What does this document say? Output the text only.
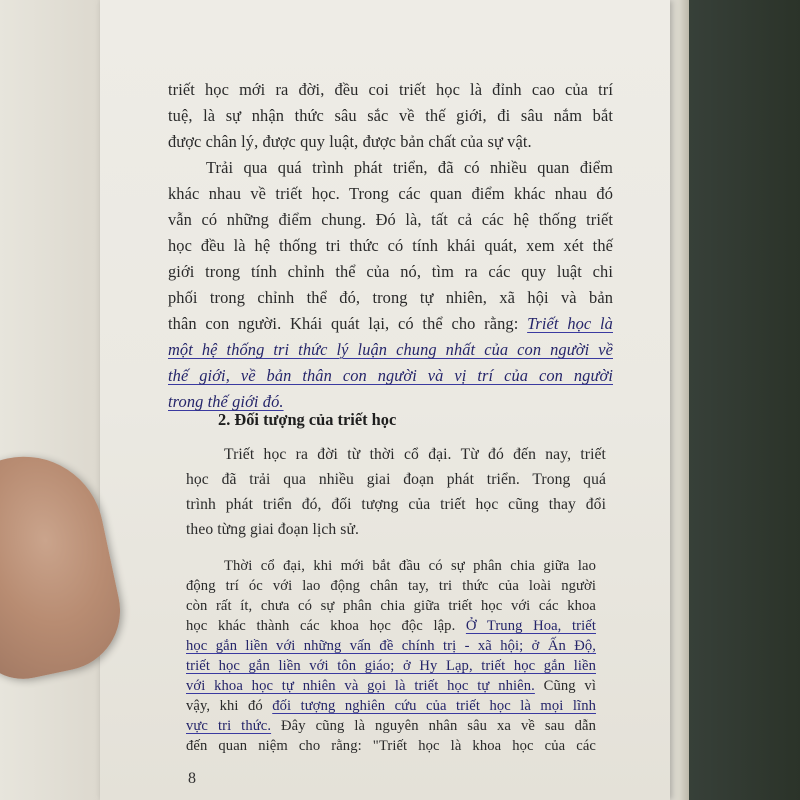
triết học mới ra đời, đều coi triết học là đỉnh cao của trí
tuệ, là sự nhận thức sâu sắc về thế giới, đi sâu nắm bắt
được chân lý, được quy luật, được bản chất của sự vật.
Trải qua quá trình phát triển, đã có nhiều quan điểm
khác nhau về triết học. Trong các quan điểm khác nhau đó
vẫn có những điểm chung. Đó là, tất cả các hệ thống triết
học đều là hệ thống tri thức có tính khái quát, xem xét thế
giới trong tính chỉnh thể của nó, tìm ra các quy luật chi
phối trong chỉnh thể đó, trong tự nhiên, xã hội và bản
thân con người. Khái quát lại, có thể cho rằng: Triết học là
một hệ thống tri thức lý luận chung nhất của con người về
thế giới, về bản thân con người và vị trí của con người
trong thế giới đó.
2. Đối tượng của triết học
Triết học ra đời từ thời cổ đại. Từ đó đến nay, triết
học đã trải qua nhiều giai đoạn phát triển. Trong quá
trình phát triển đó, đối tượng của triết học cũng thay đổi
theo từng giai đoạn lịch sử.
Thời cổ đại, khi mới bắt đầu có sự phân chia giữa lao
động trí óc với lao động chân tay, tri thức của loài người
còn rất ít, chưa có sự phân chia giữa triết học với các khoa
học khác thành các khoa học độc lập. Ở Trung Hoa, triết
học gắn liền với những vấn đề chính trị - xã hội; ở Ấn Độ,
triết học gắn liền với tôn giáo; ở Hy Lạp, triết học gắn liền
với khoa học tự nhiên và gọi là triết học tự nhiên. Cũng vì
vậy, khi đó đối tượng nghiên cứu của triết học là mọi lĩnh
vực tri thức. Đây cũng là nguyên nhân sâu xa về sau dẫn
đến quan niệm cho rằng: "Triết học là khoa học của các
8
